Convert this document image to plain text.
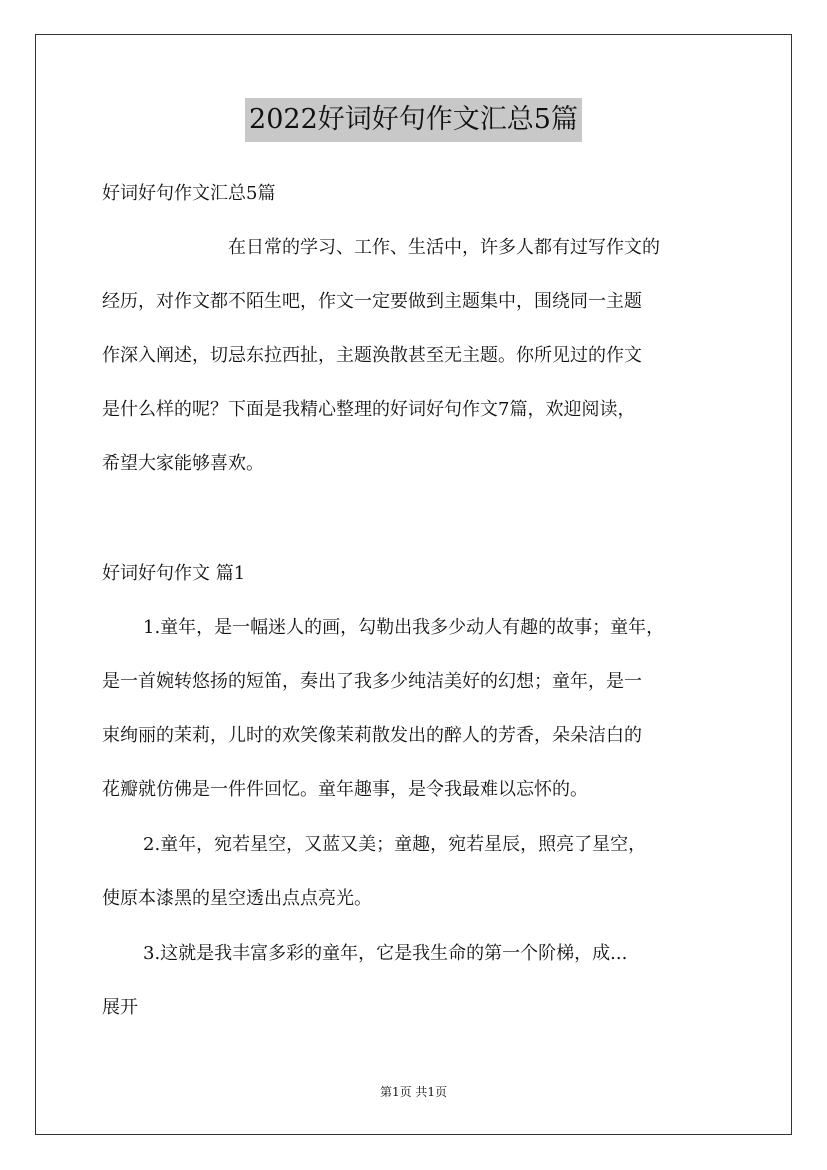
2022好词好句作文汇总5篇
好词好句作文汇总5篇
在日常的学习、工作、生活中，许多人都有过写作文的
经历，对作文都不陌生吧，作文一定要做到主题集中，围绕同一主题
作深入阐述，切忌东拉西扯，主题涣散甚至无主题。你所见过的作文
是什么样的呢？下面是我精心整理的好词好句作文7篇，欢迎阅读，
希望大家能够喜欢。
好词好句作文 篇1
1.童年，是一幅迷人的画，勾勒出我多少动人有趣的故事；童年，
是一首婉转悠扬的短笛，奏出了我多少纯洁美好的幻想；童年，是一
束绚丽的茉莉，儿时的欢笑像茉莉散发出的醉人的芳香，朵朵洁白的
花瓣就仿佛是一件件回忆。童年趣事，是令我最难以忘怀的。
2.童年，宛若星空，又蓝又美；童趣，宛若星辰，照亮了星空，
使原本漆黑的星空透出点点亮光。
3.这就是我丰富多彩的童年，它是我生命的第一个阶梯，成...
展开
第1页 共1页
